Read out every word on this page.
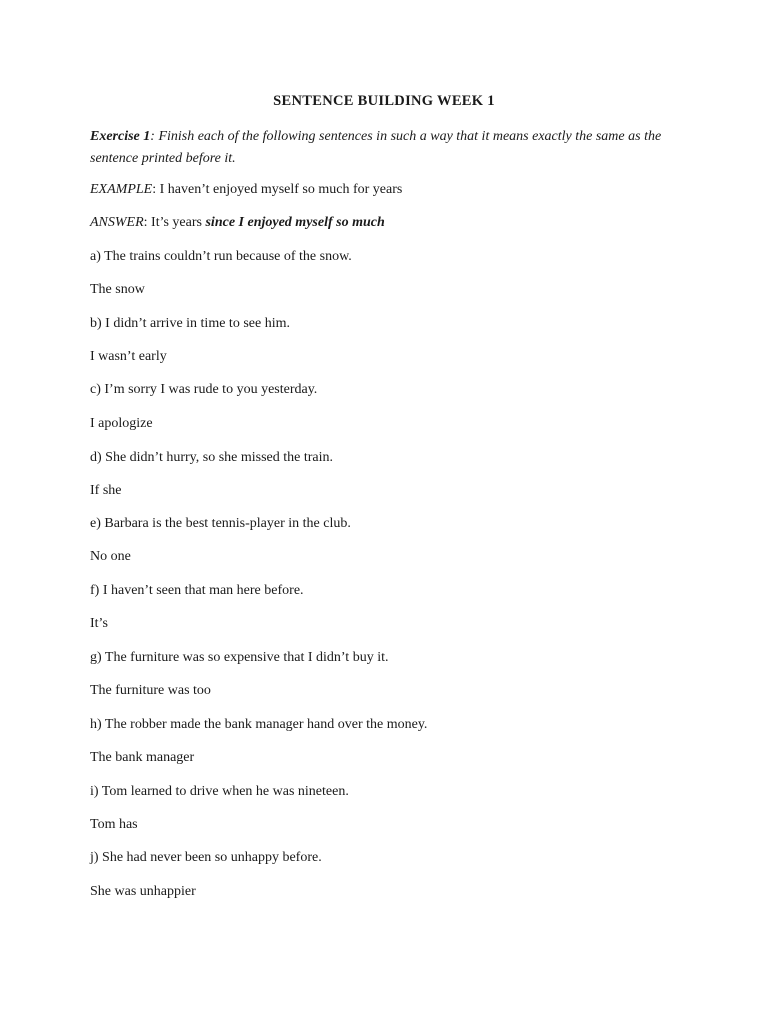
SENTENCE BUILDING WEEK 1
Exercise 1: Finish each of the following sentences in such a way that it means exactly the same as the sentence printed before it.
EXAMPLE: I haven’t enjoyed myself so much for years
ANSWER: It’s years since I enjoyed myself so much
a) The trains couldn’t run because of the snow.
The snow
b) I didn’t arrive in time to see him.
I wasn’t early
c) I’m sorry I was rude to you yesterday.
I apologize
d) She didn’t hurry, so she missed the train.
If she
e) Barbara is the best tennis-player in the club.
No one
f) I haven’t seen that man here before.
It’s
g) The furniture was so expensive that I didn’t buy it.
The furniture was too
h) The robber made the bank manager hand over the money.
The bank manager
i) Tom learned to drive when he was nineteen.
Tom has
j) She had never been so unhappy before.
She was unhappier
